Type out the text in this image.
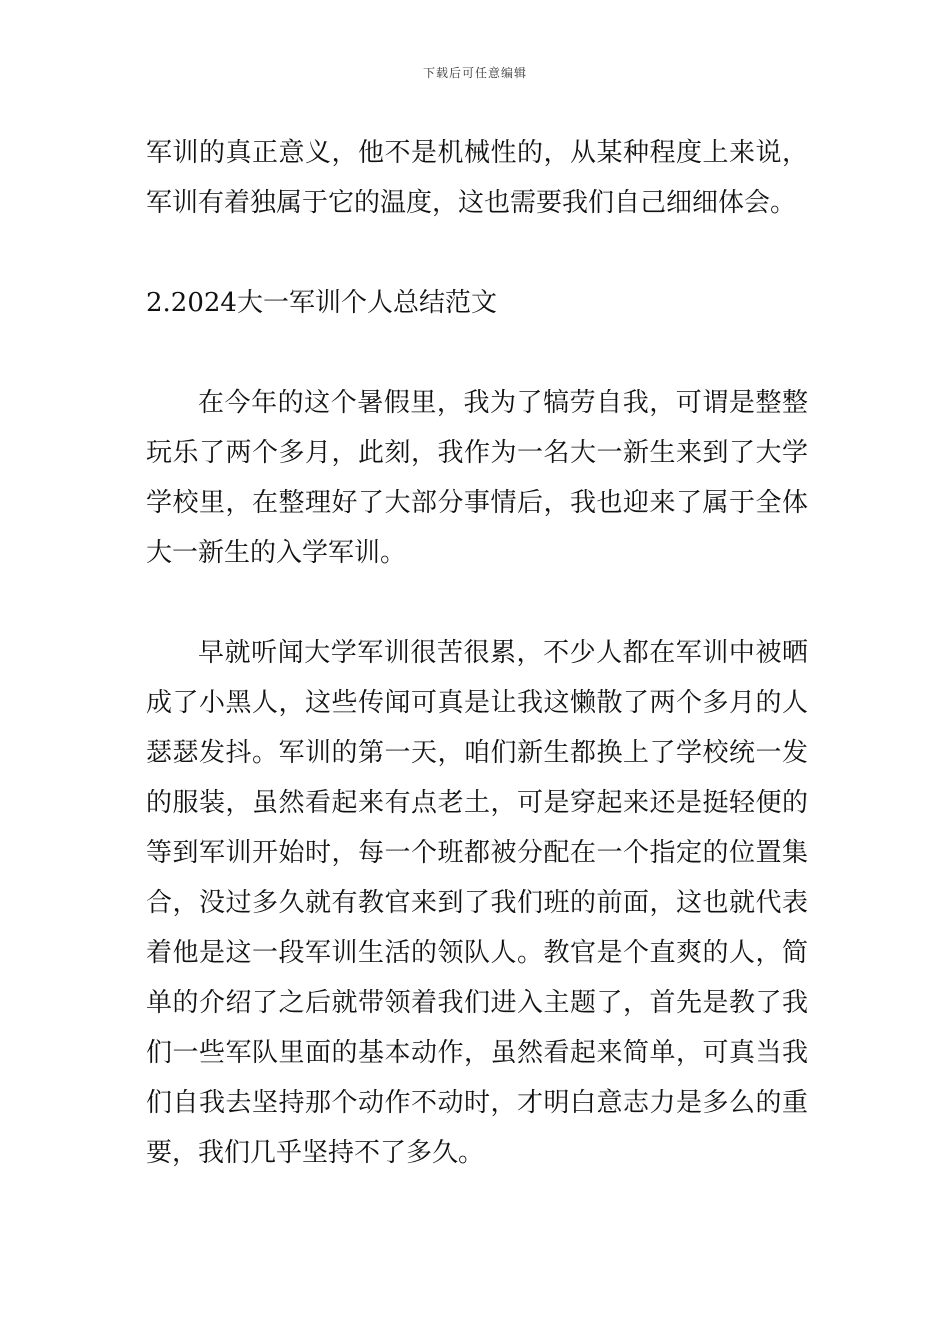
下载后可任意编辑

军训的真正意义，他不是机械性的，从某种程度上来说，军训有着独属于它的温度，这也需要我们自己细细体会。

2.2024大一军训个人总结范文

在今年的这个暑假里，我为了犒劳自我，可谓是整整玩乐了两个多月，此刻，我作为一名大一新生来到了大学学校里，在整理好了大部分事情后，我也迎来了属于全体大一新生的入学军训。

早就听闻大学军训很苦很累，不少人都在军训中被晒成了小黑人，这些传闻可真是让我这懒散了两个多月的人瑟瑟发抖。军训的第一天，咱们新生都换上了学校统一发的服装，虽然看起来有点老土，可是穿起来还是挺轻便的等到军训开始时，每一个班都被分配在一个指定的位置集合，没过多久就有教官来到了我们班的前面，这也就代表着他是这一段军训生活的领队人。教官是个直爽的人，简单的介绍了之后就带领着我们进入主题了，首先是教了我们一些军队里面的基本动作，虽然看起来简单，可真当我们自我去坚持那个动作不动时，才明白意志力是多么的重要，我们几乎坚持不了多久。
